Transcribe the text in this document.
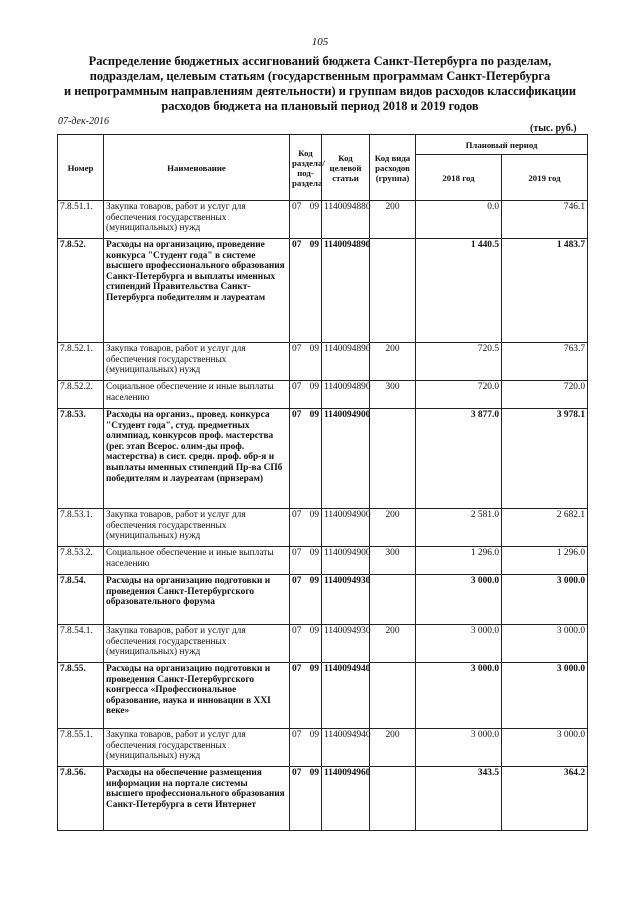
105
Распределение бюджетных ассигнований бюджета Санкт-Петербурга по разделам,
подразделам, целевым статьям (государственным программам Санкт-Петербурга
и непрограммным направлениям деятельности) и группам видов расходов классификации
расходов бюджета на плановый период 2018 и 2019 годов
07-дек-2016
(тыс. руб.)
Номер	Наименование	Код раздела/ под- раздела	Код целевой статьи	Код вида расходов (группа)	Плановый период	
					2018 год	2019 год
7.8.51.1.	Закупка товаров, работ и услуг для обеспечения государственных (муниципальных) нужд	07 09	1140094880	200	0.0	746.1
7.8.52.	Расходы на организацию, проведение конкурса "Студент года" в системе высшего профессионального образования Санкт-Петербурга и выплаты именных стипендий Правительства Санкт-Петербурга победителям и лауреатам	07 09	1140094890		1 440.5	1 483.7
7.8.52.1.	Закупка товаров, работ и услуг для обеспечения государственных (муниципальных) нужд	07 09	1140094890	200	720.5	763.7
7.8.52.2.	Социальное обеспечение и иные выплаты населению	07 09	1140094890	300	720.0	720.0
7.8.53.	Расходы на организ., провед. конкурса "Студент года", студ. предметных олимпиад, конкурсов проф. мастерства (рег. этап Всерос. олим-ды проф. мастерства) в сист. средн. проф. обр-я и выплаты именных стипендий Пр-ва СПб победителям и лауреатам (призерам)	07 09	1140094900		3 877.0	3 978.1
7.8.53.1.	Закупка товаров, работ и услуг для обеспечения государственных (муниципальных) нужд	07 09	1140094900	200	2 581.0	2 682.1
7.8.53.2.	Социальное обеспечение и иные выплаты населению	07 09	1140094900	300	1 296.0	1 296.0
7.8.54.	Расходы на организацию подготовки и проведения Санкт-Петербургского образовательного форума	07 09	1140094930		3 000.0	3 000.0
7.8.54.1.	Закупка товаров, работ и услуг для обеспечения государственных (муниципальных) нужд	07 09	1140094930	200	3 000.0	3 000.0
7.8.55.	Расходы на организацию подготовки и проведения Санкт-Петербургского конгресса «Профессиональное образование, наука и инновации в XXI веке»	07 09	1140094940		3 000.0	3 000.0
7.8.55.1.	Закупка товаров, работ и услуг для обеспечения государственных (муниципальных) нужд	07 09	1140094940	200	3 000.0	3 000.0
7.8.56.	Расходы на обеспечение размещения информации на портале системы высшего профессионального образования Санкт-Петербурга в сети Интернет	07 09	1140094960		343.5	364.2
